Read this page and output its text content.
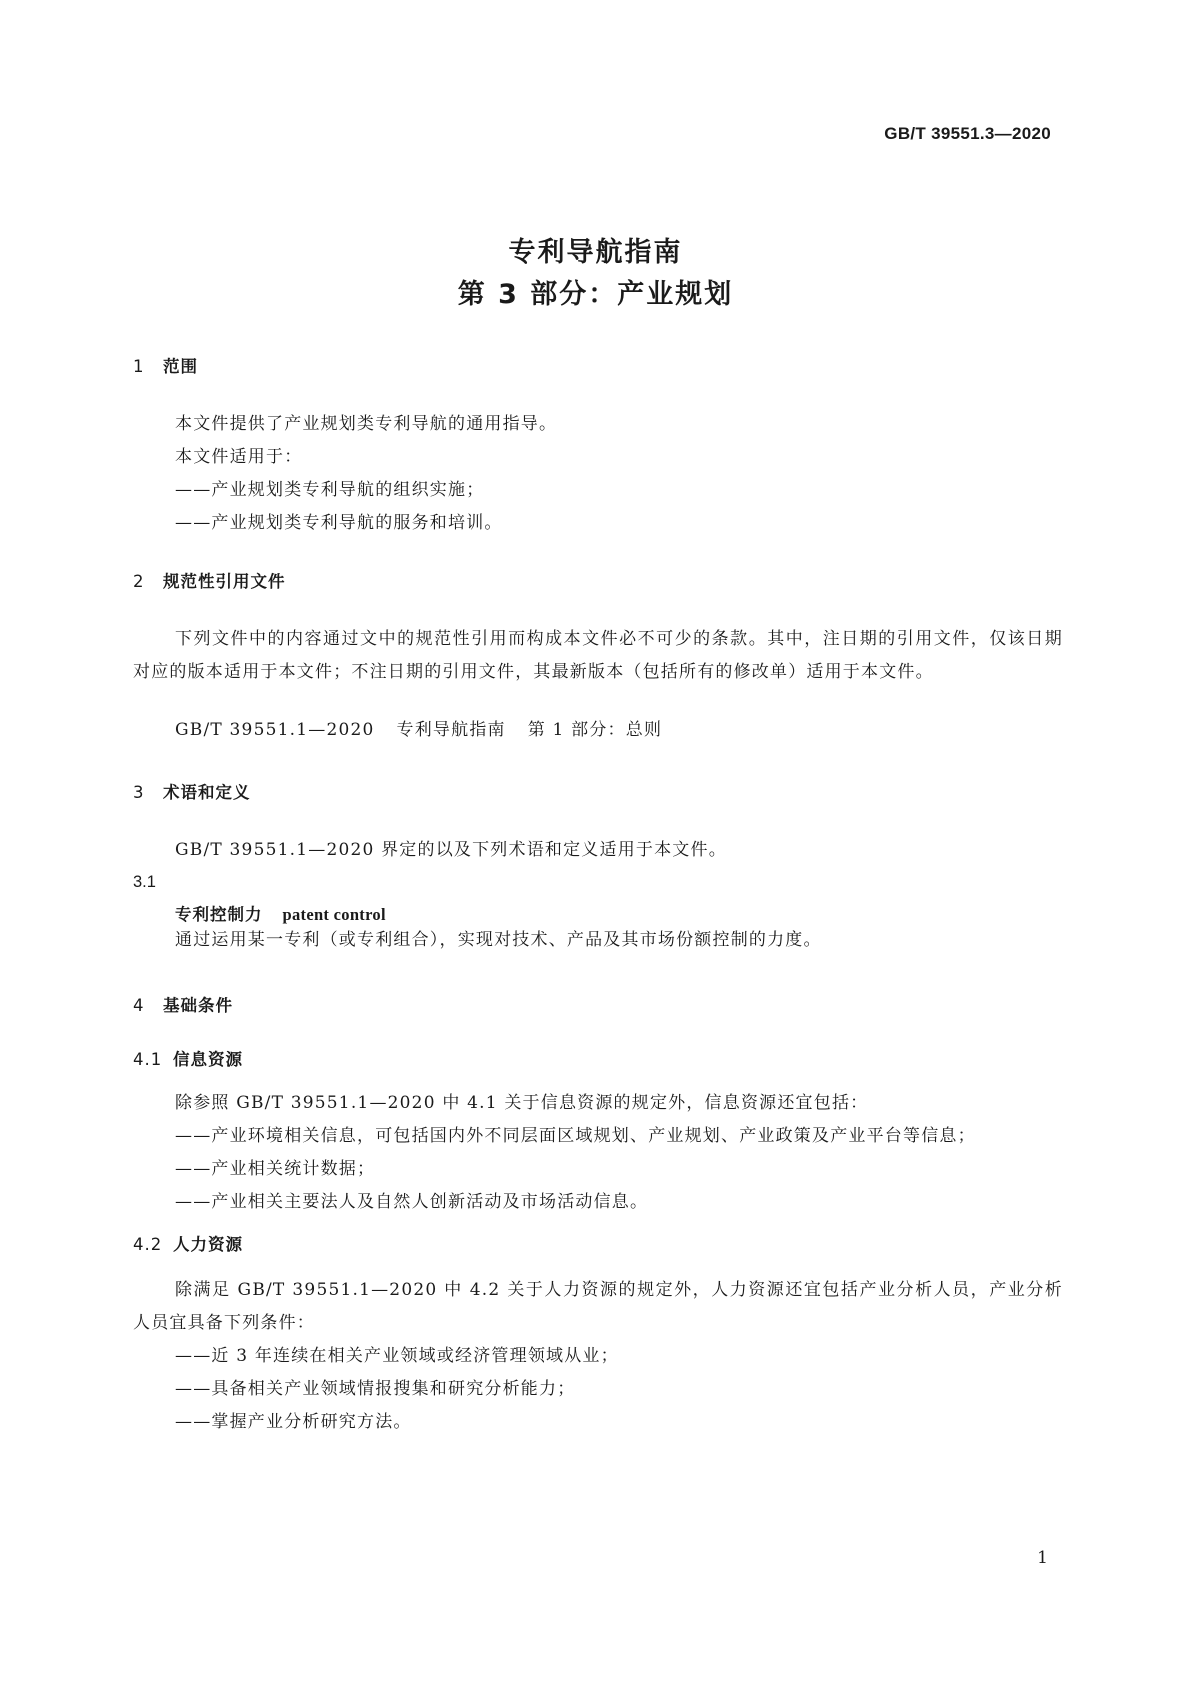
GB/T 39551.3—2020
专利导航指南
第 3 部分：产业规划
1 范围
本文件提供了产业规划类专利导航的通用指导。
本文件适用于：
——产业规划类专利导航的组织实施；
——产业规划类专利导航的服务和培训。
2 规范性引用文件
下列文件中的内容通过文中的规范性引用而构成本文件必不可少的条款。其中，注日期的引用文件，仅该日期对应的版本适用于本文件；不注日期的引用文件，其最新版本（包括所有的修改单）适用于本文件。
GB/T 39551.1—2020 专利导航指南 第 1 部分：总则
3 术语和定义
GB/T 39551.1—2020 界定的以及下列术语和定义适用于本文件。
3.1
专利控制力 patent control
通过运用某一专利（或专利组合），实现对技术、产品及其市场份额控制的力度。
4 基础条件
4.1 信息资源
除参照 GB/T 39551.1—2020 中 4.1 关于信息资源的规定外，信息资源还宜包括：
——产业环境相关信息，可包括国内外不同层面区域规划、产业规划、产业政策及产业平台等信息；
——产业相关统计数据；
——产业相关主要法人及自然人创新活动及市场活动信息。
4.2 人力资源
除满足 GB/T 39551.1—2020 中 4.2 关于人力资源的规定外，人力资源还宜包括产业分析人员，产业分析人员宜具备下列条件：
——近 3 年连续在相关产业领域或经济管理领域从业；
——具备相关产业领域情报搜集和研究分析能力；
——掌握产业分析研究方法。
1
